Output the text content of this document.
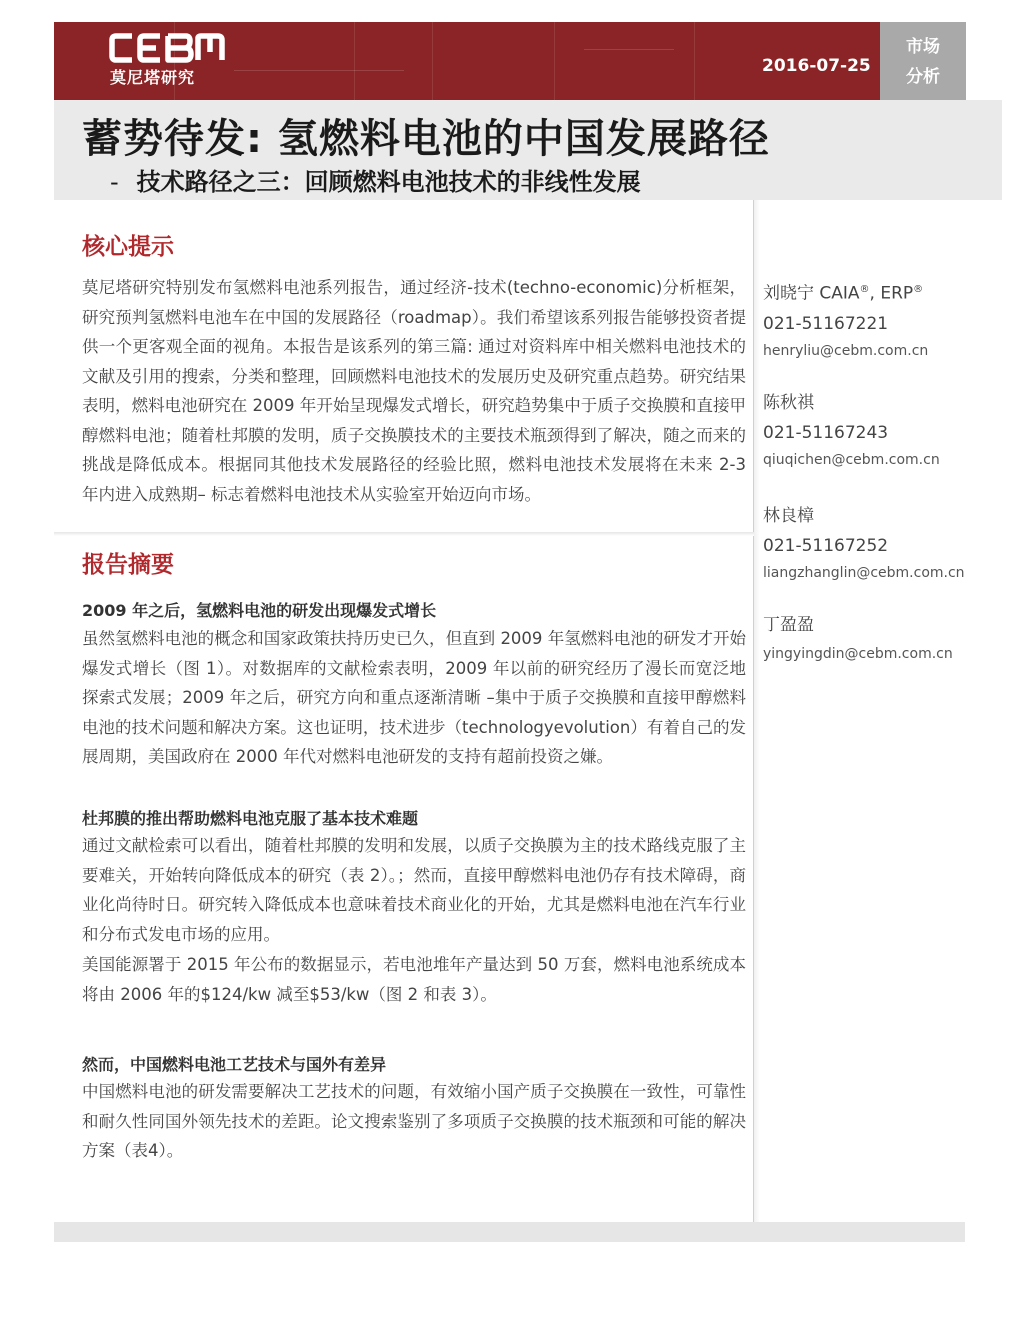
莫尼塔研究
2016-07-25
市场
分析
蓄势待发: 氢燃料电池的中国发展路径
- 技术路径之三：回顾燃料电池技术的非线性发展
核心提示

莫尼塔研究特别发布氢燃料电池系列报告，通过经济-技术(techno-economic)分析框架，研究预判氢燃料电池车在中国的发展路径（roadmap）。我们希望该系列报告能够投资者提供一个更客观全面的视角。本报告是该系列的第三篇: 通过对资料库中相关燃料电池技术的文献及引用的搜索，分类和整理，回顾燃料电池技术的发展历史及研究重点趋势。研究结果表明，燃料电池研究在 2009 年开始呈现爆发式增长，研究趋势集中于质子交换膜和直接甲醇燃料电池；随着杜邦膜的发明，质子交换膜技术的主要技术瓶颈得到了解决，随之而来的挑战是降低成本。根据同其他技术发展路径的经验比照，燃料电池技术发展将在未来 2-3 年内进入成熟期– 标志着燃料电池技术从实验室开始迈向市场。

报告摘要
2009 年之后，氢燃料电池的研发出现爆发式增长

虽然氢燃料电池的概念和国家政策扶持历史已久，但直到 2009 年氢燃料电池的研发才开始爆发式增长（图 1）。对数据库的文献检索表明，2009 年以前的研究经历了漫长而宽泛地探索式发展；2009 年之后，研究方向和重点逐渐清晰 –集中于质子交换膜和直接甲醇燃料电池的技术问题和解决方案。这也证明，技术进步（technologyevolution）有着自己的发展周期，美国政府在 2000 年代对燃料电池研发的支持有超前投资之嫌。

杜邦膜的推出帮助燃料电池克服了基本技术难题

通过文献检索可以看出，随着杜邦膜的发明和发展，以质子交换膜为主的技术路线克服了主要难关，开始转向降低成本的研究（表 2）。；然而，直接甲醇燃料电池仍存有技术障碍，商业化尚待时日。研究转入降低成本也意味着技术商业化的开始，尤其是燃料电池在汽车行业和分布式发电市场的应用。

美国能源署于 2015 年公布的数据显示，若电池堆年产量达到 50 万套，燃料电池系统成本将由 2006 年的$124/kw 减至$53/kw（图 2 和表 3）。

然而，中国燃料电池工艺技术与国外有差异

中国燃料电池的研发需要解决工艺技术的问题，有效缩小国产质子交换膜在一致性，可靠性和耐久性同国外领先技术的差距。论文搜索鉴别了多项质子交换膜的技术瓶颈和可能的解决方案（表4）。

刘晓宁 CAIA®, ERP®
021-51167221
henryliu@cebm.com.cn
陈秋祺
021-51167243
qiuqichen@cebm.com.cn
林良樟
021-51167252
liangzhanglin@cebm.com.cn
丁盈盈
yingyingdin@cebm.com.cn
